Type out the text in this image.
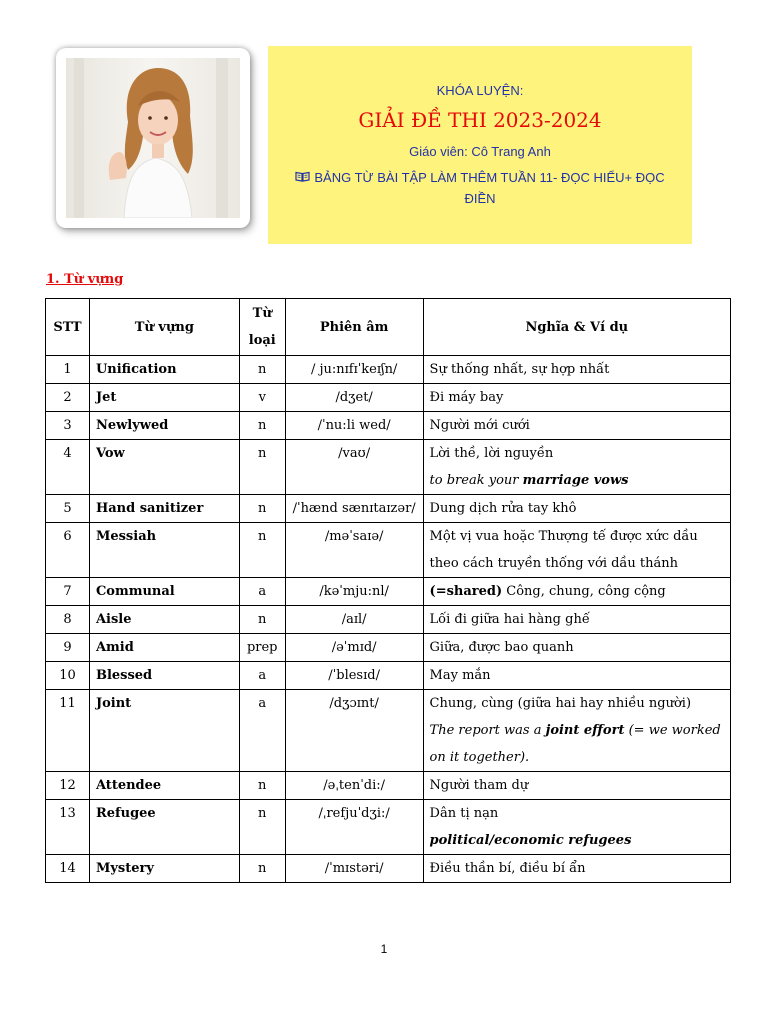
KHÓA LUYỆN:
GIẢI ĐỀ THI 2023-2024
Giáo viên: Cô Trang Anh
BẢNG TỪ BÀI TẬP LÀM THÊM TUẦN 11- ĐỌC HIỂU+ ĐỌC ĐIỀN
1. Từ vựng
STT	Từ vựng	Từ loại	Phiên âm	Nghĩa & Ví dụ
1	Unification	n	/ ju:nɪfɪˈkeɪʃn/	Sự thống nhất, sự hợp nhất
2	Jet	v	/dʒet/	Đi máy bay
3	Newlywed	n	/ˈnu:li wed/	Người mới cưới
4	Vow	n	/vaʊ/	Lời thề, lời nguyền
to break your marriage vows

5	Hand sanitizer	n	/ˈhænd sænɪtaɪzər/	Dung dịch rửa tay khô
6	Messiah	n	/məˈsaɪə/	Một vị vua hoặc Thượng tế được xức dầu theo cách truyền thống với dầu thánh
7	Communal	a	/kəˈmju:nl/	(=shared) Công, chung, công cộng
8	Aisle	n	/aɪl/	Lối đi giữa hai hàng ghế
9	Amid	prep	/əˈmɪd/	Giữa, được bao quanh
10	Blessed	a	/ˈblesɪd/	May mắn
11	Joint	a	/dʒɔɪnt/	Chung, cùng (giữa hai hay nhiều người)
The report was a joint effort (= we worked on it together).

12	Attendee	n	/əˌtenˈdi:/	Người tham dự
13	Refugee	n	/ˌrefjuˈdʒi:/	Dân tị nạn
political/economic refugees

14	Mystery	n	/ˈmɪstəri/	Điều thần bí, điều bí ẩn
1
